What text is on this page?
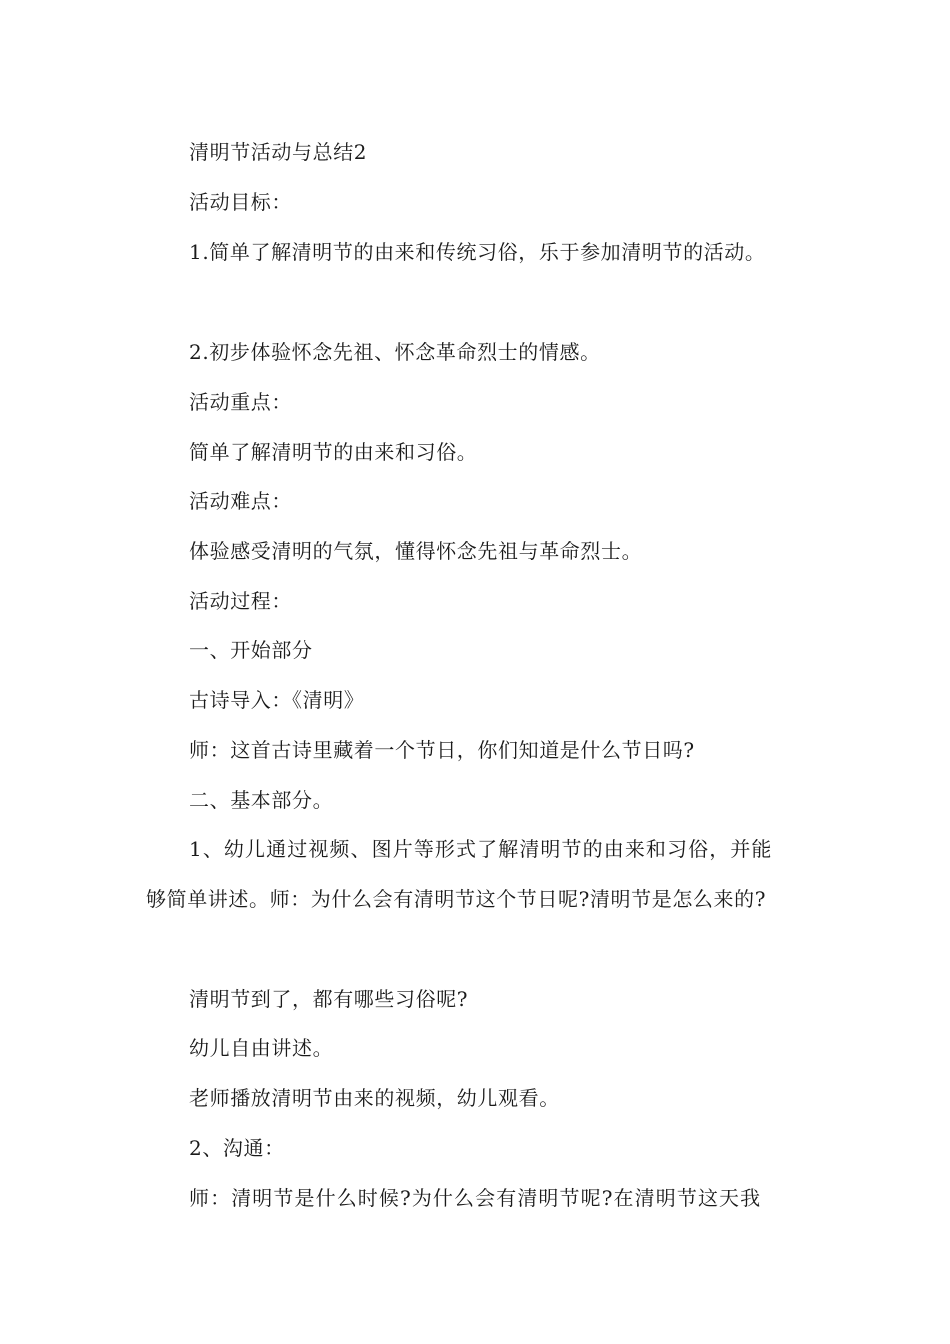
清明节活动与总结2
活动目标：
1.简单了解清明节的由来和传统习俗，乐于参加清明节的活动。
2.初步体验怀念先祖、怀念革命烈士的情感。
活动重点：
简单了解清明节的由来和习俗。
活动难点：
体验感受清明的气氛，懂得怀念先祖与革命烈士。
活动过程：
一、开始部分
古诗导入：《清明》
师：这首古诗里藏着一个节日，你们知道是什么节日吗?
二、基本部分。
1、幼儿通过视频、图片等形式了解清明节的由来和习俗，并能
够简单讲述。师：为什么会有清明节这个节日呢?清明节是怎么来的?
清明节到了，都有哪些习俗呢?
幼儿自由讲述。
老师播放清明节由来的视频，幼儿观看。
2、沟通：
师：清明节是什么时候?为什么会有清明节呢?在清明节这天我
